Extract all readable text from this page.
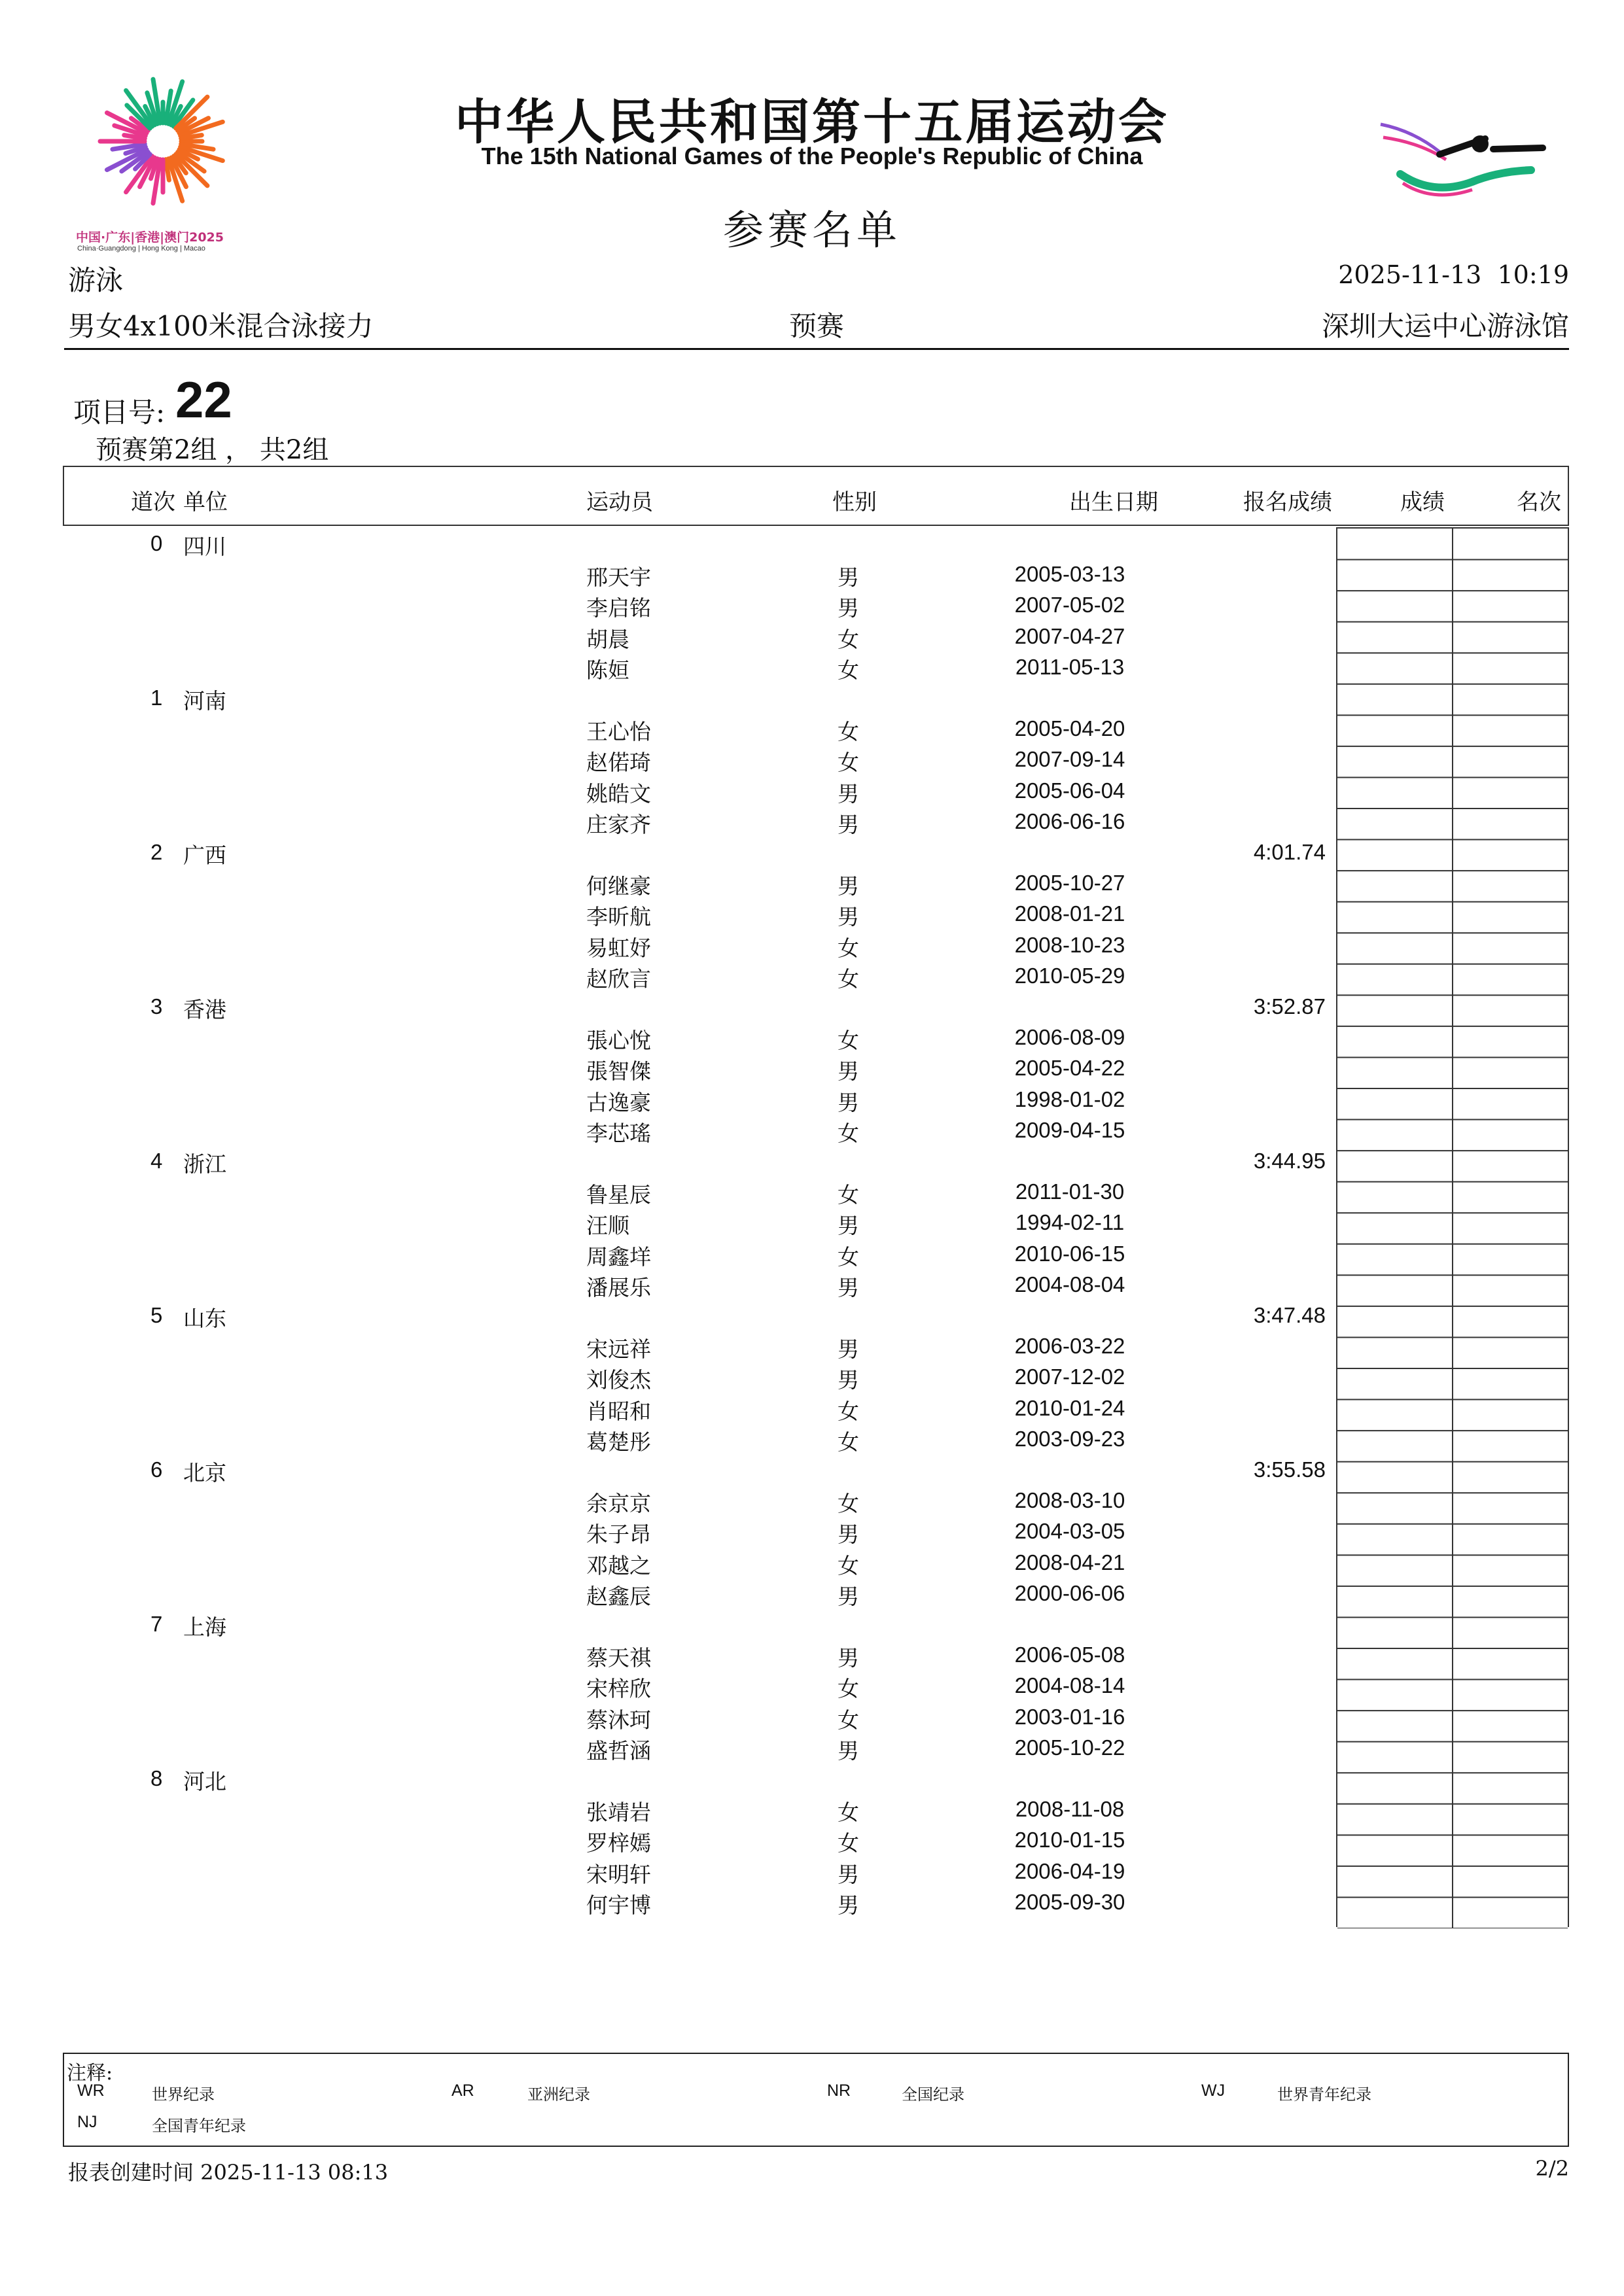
中国·广东|香港|澳门2025
China·Guangdong | Hong Kong | Macao
中华人民共和国第十五届运动会
The 15th National Games of the People's Republic of China
参赛名单
游泳	2025-11-13  10:19
男女4x100米混合泳接力	预赛	深圳大运中心游泳馆
项目号: 22
预赛第2组 ， 共2组
道次 单位	运动员	性别	出生日期	报名成绩	成绩	名次
0 四川
邢天宇	男	2005-03-13
李启铭	男	2007-05-02
胡晨	女	2007-04-27
陈姮	女	2011-05-13
1 河南
王心怡	女	2005-04-20
赵偌琦	女	2007-09-14
姚皓文	男	2005-06-04
庄家齐	男	2006-06-16
2 广西	4:01.74
何继豪	男	2005-10-27
李昕航	男	2008-01-21
易虹妤	女	2008-10-23
赵欣言	女	2010-05-29
3 香港	3:52.87
張心悅	女	2006-08-09
張智傑	男	2005-04-22
古逸豪	男	1998-01-02
李芯瑤	女	2009-04-15
4 浙江	3:44.95
鲁星辰	女	2011-01-30
汪顺	男	1994-02-11
周鑫垟	女	2010-06-15
潘展乐	男	2004-08-04
5 山东	3:47.48
宋远祥	男	2006-03-22
刘俊杰	男	2007-12-02
肖昭和	女	2010-01-24
葛楚彤	女	2003-09-23
6 北京	3:55.58
余京京	女	2008-03-10
朱子昂	男	2004-03-05
邓越之	女	2008-04-21
赵鑫辰	男	2000-06-06
7 上海
蔡天祺	男	2006-05-08
宋梓欣	女	2004-08-14
蔡沐珂	女	2003-01-16
盛哲涵	男	2005-10-22
8 河北
张靖岩	女	2008-11-08
罗梓嫣	女	2010-01-15
宋明轩	男	2006-04-19
何宇博	男	2005-09-30
注释:
WR	世界纪录	AR	亚洲纪录	NR	全国纪录	WJ	世界青年纪录
NJ	全国青年纪录
报表创建时间 2025-11-13 08:13	2/2
